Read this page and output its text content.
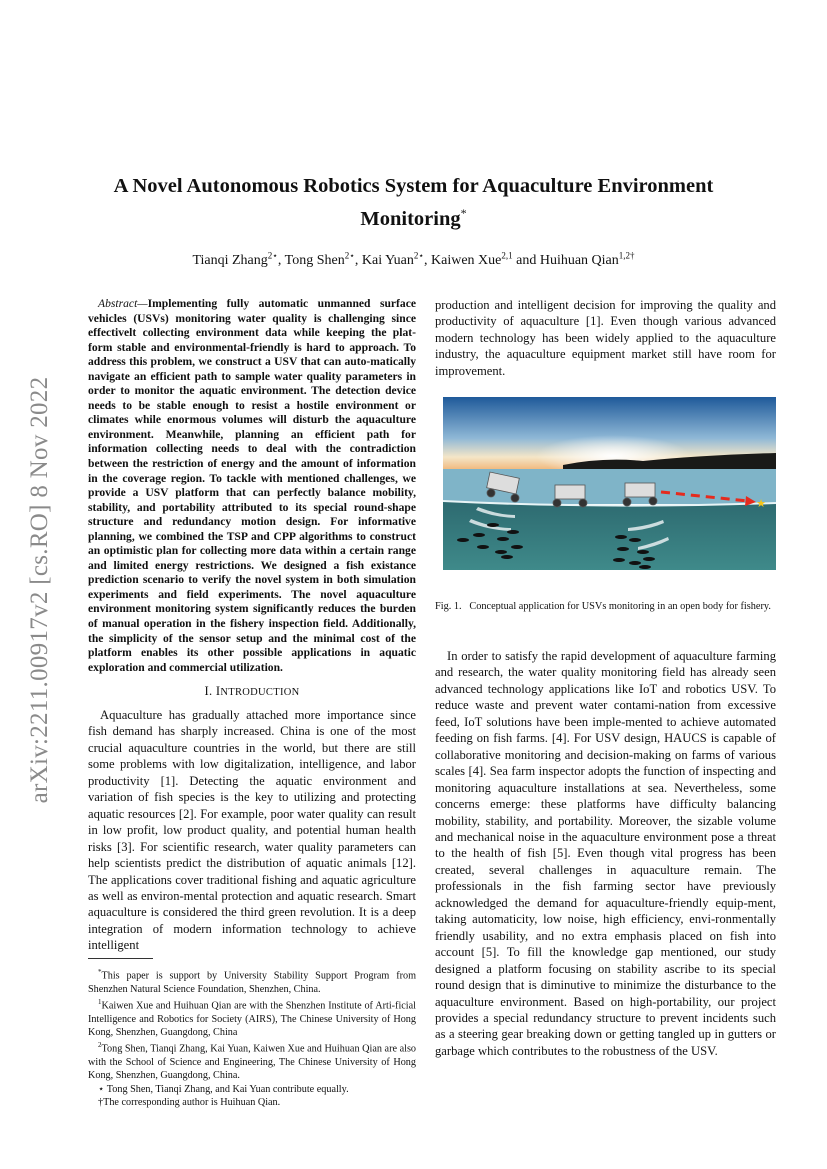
arXiv:2211.00917v2 [cs.RO] 8 Nov 2022
A Novel Autonomous Robotics System for Aquaculture Environment Monitoring*
Tianqi Zhang$^{2⋆}$, Tong Shen$^{2⋆}$, Kai Yuan$^{2⋆}$, Kaiwen Xue$^{2,1}$ and Huihuan Qian$^{1,2\dagger}$
Abstract—Implementing fully automatic unmanned surface vehicles (USVs) monitoring water quality is challenging since effectivelt collecting environment data while keeping the plat-form stable and environmental-friendly is hard to approach. To address this problem, we construct a USV that can auto-matically navigate an efficient path to sample water quality parameters in order to monitor the aquatic environment. The detection device needs to be stable enough to resist a hostile environment or climates while enormous volumes will disturb the aquaculture environment. Meanwhile, planning an efficient path for information collecting needs to deal with the contradiction between the restriction of energy and the amount of information in the coverage region. To tackle with mentioned challenges, we provide a USV platform that can perfectly balance mobility, stability, and portability attributed to its special round-shape structure and redundancy motion design. For informative planning, we combined the TSP and CPP algorithms to construct an optimistic plan for collecting more data within a certain range and limited energy restrictions. We designed a fish existance prediction scenario to verify the novel system in both simulation experiments and field experiments. The novel aquaculture environment monitoring system significantly reduces the burden of manual operation in the fishery inspection field. Additionally, the simplicity of the sensor setup and the minimal cost of the platform enables its other possible applications in aquatic exploration and commercial utilization.
I. INTRODUCTION

Aquaculture has gradually attached more importance since fish demand has sharply increased. China is one of the most crucial aquaculture countries in the world, but there are still some problems with low digitalization, intelligence, and labor productivity [1]. Detecting the aquatic environment and variation of fish species is the key to utilizing and protecting aquatic resources [2]. For example, poor water quality can result in low profit, low product quality, and potential human health risks [3]. For scientific research, water quality parameters can help scientists predict the distribution of aquatic animals [12]. The applications cover traditional fishing and aquatic agriculture as well as environ-mental protection and aquatic research. Smart aquaculture is considered the third green revolution. It is a deep integration of modern information technology to achieve intelligent

*This paper is support by University Stability Support Program from Shenzhen Natural Science Foundation, Shenzhen, China.

$^1$Kaiwen Xue and Huihuan Qian are with the Shenzhen Institute of Arti-ficial Intelligence and Robotics for Society (AIRS), The Chinese University of Hong Kong, Shenzhen, Guangdong, China

$^2$Tong Shen, Tianqi Zhang, Kai Yuan, Kaiwen Xue and Huihuan Qian are also with the School of Science and Engineering, The Chinese University of Hong Kong, Shenzhen, Guangdong, China.

⋆ Tong Shen, Tianqi Zhang, and Kai Yuan contribute equally.

†The corresponding author is Huihuan Qian.

production and intelligent decision for improving the quality and productivity of aquaculture [1]. Even though various advanced modern technology has been widely applied to the aquaculture industry, the aquaculture equipment market still have room for improvement.

★
Fig. 1. Conceptual application for USVs monitoring in an open body for fishery.

In order to satisfy the rapid development of aquaculture farming and research, the water quality monitoring field has already seen advanced technology applications like IoT and robotics USV. To reduce waste and prevent water contami-nation from excessive feed, IoT solutions have been imple-mented to achieve automated feeding on fish farms. [4]. For USV design, HAUCS is capable of collaborative monitoring and decision-making on farms of various scales [4]. Sea farm inspector adopts the function of inspecting and monitoring aquaculture installations at sea. Nevertheless, some concerns emerge: these platforms have difficulty balancing mobility, stability, and portability. Moreover, the sizable volume and mechanical noise in the aquaculture environment pose a threat to the health of fish [5]. Even though vital progress has been created, several challenges in aquaculture remain. The professionals in the fish farming sector have previously acknowledged the demand for aquaculture-friendly equip-ment, taking automaticity, low noise, high efficiency, envi-ronmentally friendly usability, and no extra emphasis placed on fish into account [5]. To fill the knowledge gap mentioned, our study designed a platform focusing on stability ascribe to its special round design that is diminutive to minimize the disturbance to the aquaculture environment. Based on high-portability, our project provides a special redundancy structure to prevent incidents such as a steering gear breaking down or getting tangled up in gutters or garbage which contributes to the robustness of the USV.
